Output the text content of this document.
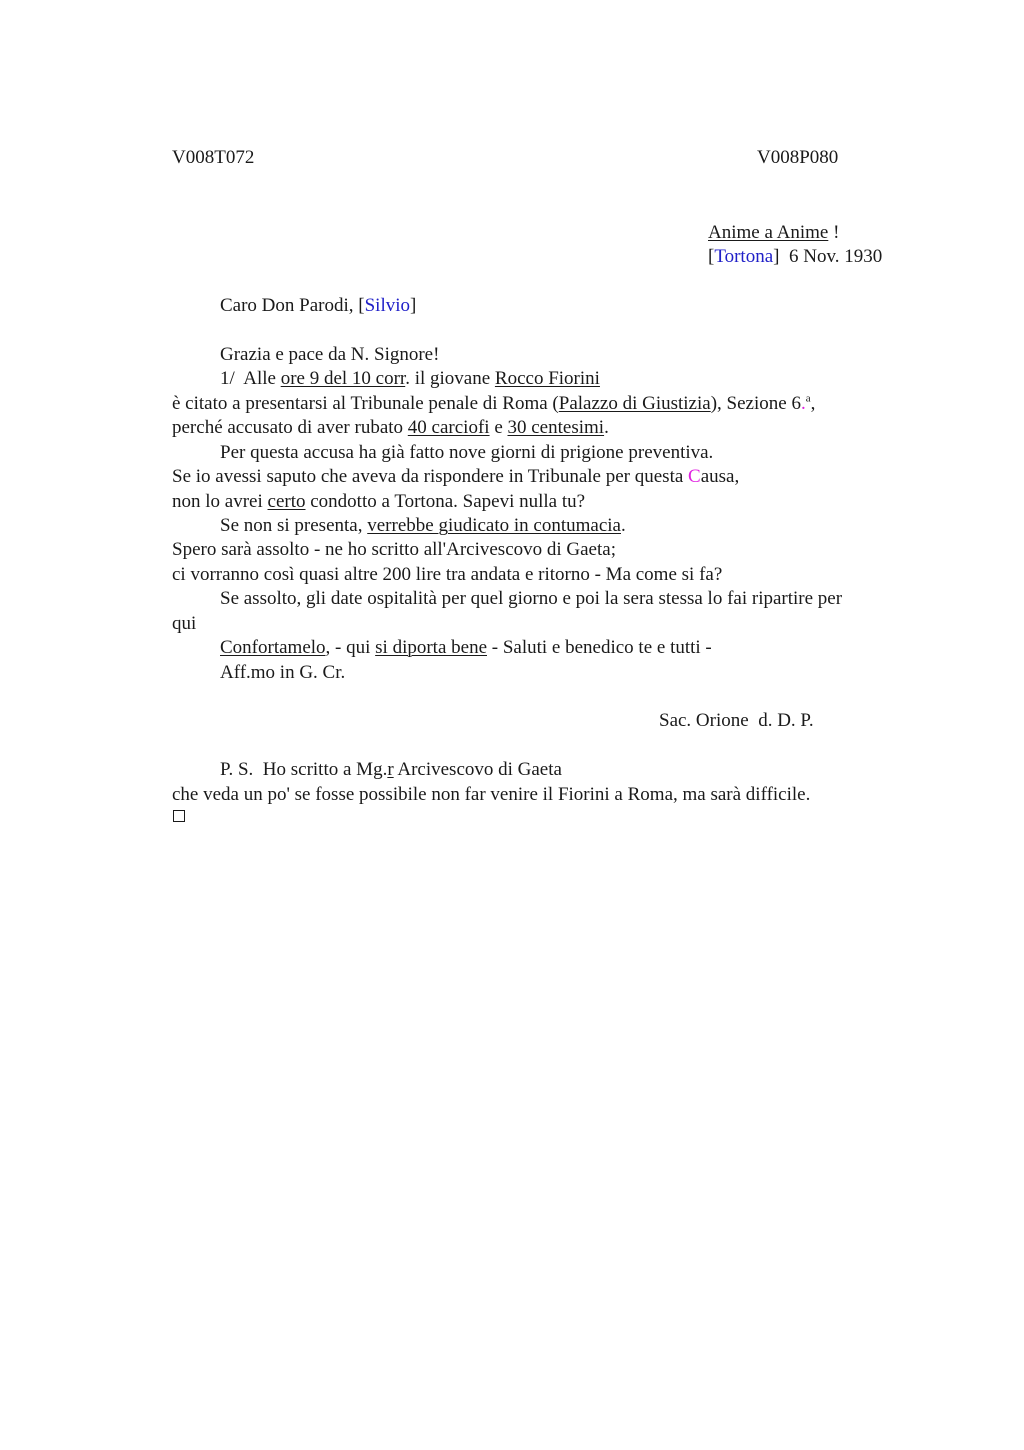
V008T072	V008P080
Anime a Anime !
[Tortona]  6 Nov. 1930
Caro Don Parodi, [Silvio]
Grazia e pace da N. Signore!
1/  Alle ore 9 del 10 corr. il giovane Rocco Fiorini
è citato a presentarsi al Tribunale penale di Roma (Palazzo di Giustizia), Sezione 6.$^a$,
perché accusato di aver rubato 40 carciofi e 30 centesimi.
Per questa accusa ha già fatto nove giorni di prigione preventiva.
Se io avessi saputo che aveva da rispondere in Tribunale per questa Causa,
non lo avrei certo condotto a Tortona. Sapevi nulla tu?
Se non si presenta, verrebbe giudicato in contumacia.
Spero sarà assolto - ne ho scritto all'Arcivescovo di Gaeta;
ci vorranno così quasi altre 200 lire tra andata e ritorno - Ma come si fa?
Se assolto, gli date ospitalità per quel giorno e poi la sera stessa lo fai ripartire per
qui
Confortamelo, - qui si diporta bene - Saluti e benedico te e tutti -
Aff.mo in G. Cr.
Sac. Orione  d. D. P.
P. S.  Ho scritto a Mg.r Arcivescovo di Gaeta
che veda un po' se fosse possibile non far venire il Fiorini a Roma, ma sarà difficile.
